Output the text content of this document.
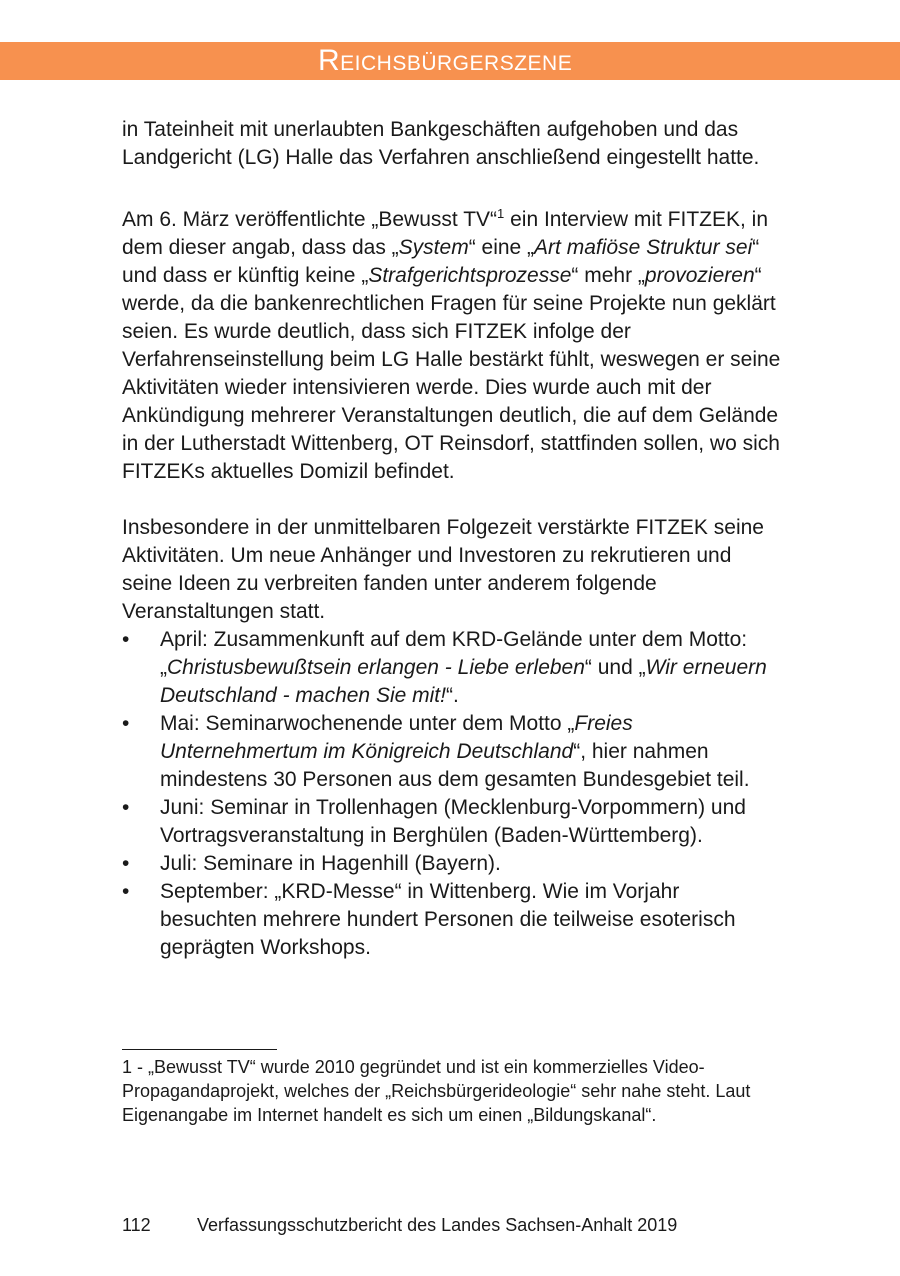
Reichsbürgerszene

in Tateinheit mit unerlaubten Bankgeschäften aufgehoben und das Landgericht (LG) Halle das Verfahren anschließend eingestellt hatte.

Am 6. März veröffentlichte „Bewusst TV“$^1$ ein Interview mit FITZEK, in dem dieser angab, dass das „System“ eine „Art mafiöse Struktur sei“ und dass er künftig keine „Strafgerichtsprozesse“ mehr „provozieren“ werde, da die bankenrechtlichen Fragen für seine Projekte nun geklärt seien. Es wurde deutlich, dass sich FITZEK infolge der Verfahrenseinstellung beim LG Halle bestärkt fühlt, weswegen er seine Aktivitäten wieder intensivieren werde. Dies wurde auch mit der Ankündigung mehrerer Veranstaltungen deutlich, die auf dem Gelände in der Lutherstadt Wittenberg, OT Reinsdorf, stattfinden sollen, wo sich FITZEKs aktuelles Domizil befindet.

Insbesondere in der unmittelbaren Folgezeit verstärkte FITZEK seine Aktivitäten. Um neue Anhänger und Investoren zu rekrutieren und seine Ideen zu verbreiten fanden unter anderem folgende Veranstaltungen statt.

• April: Zusammenkunft auf dem KRD-Gelände unter dem Motto: „Christusbewußtsein erlangen - Liebe erleben“ und „Wir erneuern Deutschland - machen Sie mit!“.
• Mai: Seminarwochenende unter dem Motto „Freies Unternehmertum im Königreich Deutschland“, hier nahmen mindestens 30 Personen aus dem gesamten Bundesgebiet teil.
• Juni: Seminar in Trollenhagen (Mecklenburg-Vorpommern) und Vortragsveranstaltung in Berghülen (Baden-Württemberg).
• Juli: Seminare in Hagenhill (Bayern).
• September: „KRD-Messe“ in Wittenberg. Wie im Vorjahr besuchten mehrere hundert Personen die teilweise esoterisch geprägten Workshops.
1 - „Bewusst TV“ wurde 2010 gegründet und ist ein kommerzielles Video-Propagandaprojekt, welches der „Reichsbürgerideologie“ sehr nahe steht. Laut Eigenangabe im Internet handelt es sich um einen „Bildungskanal“.
112	Verfassungsschutzbericht des Landes Sachsen-Anhalt 2019
